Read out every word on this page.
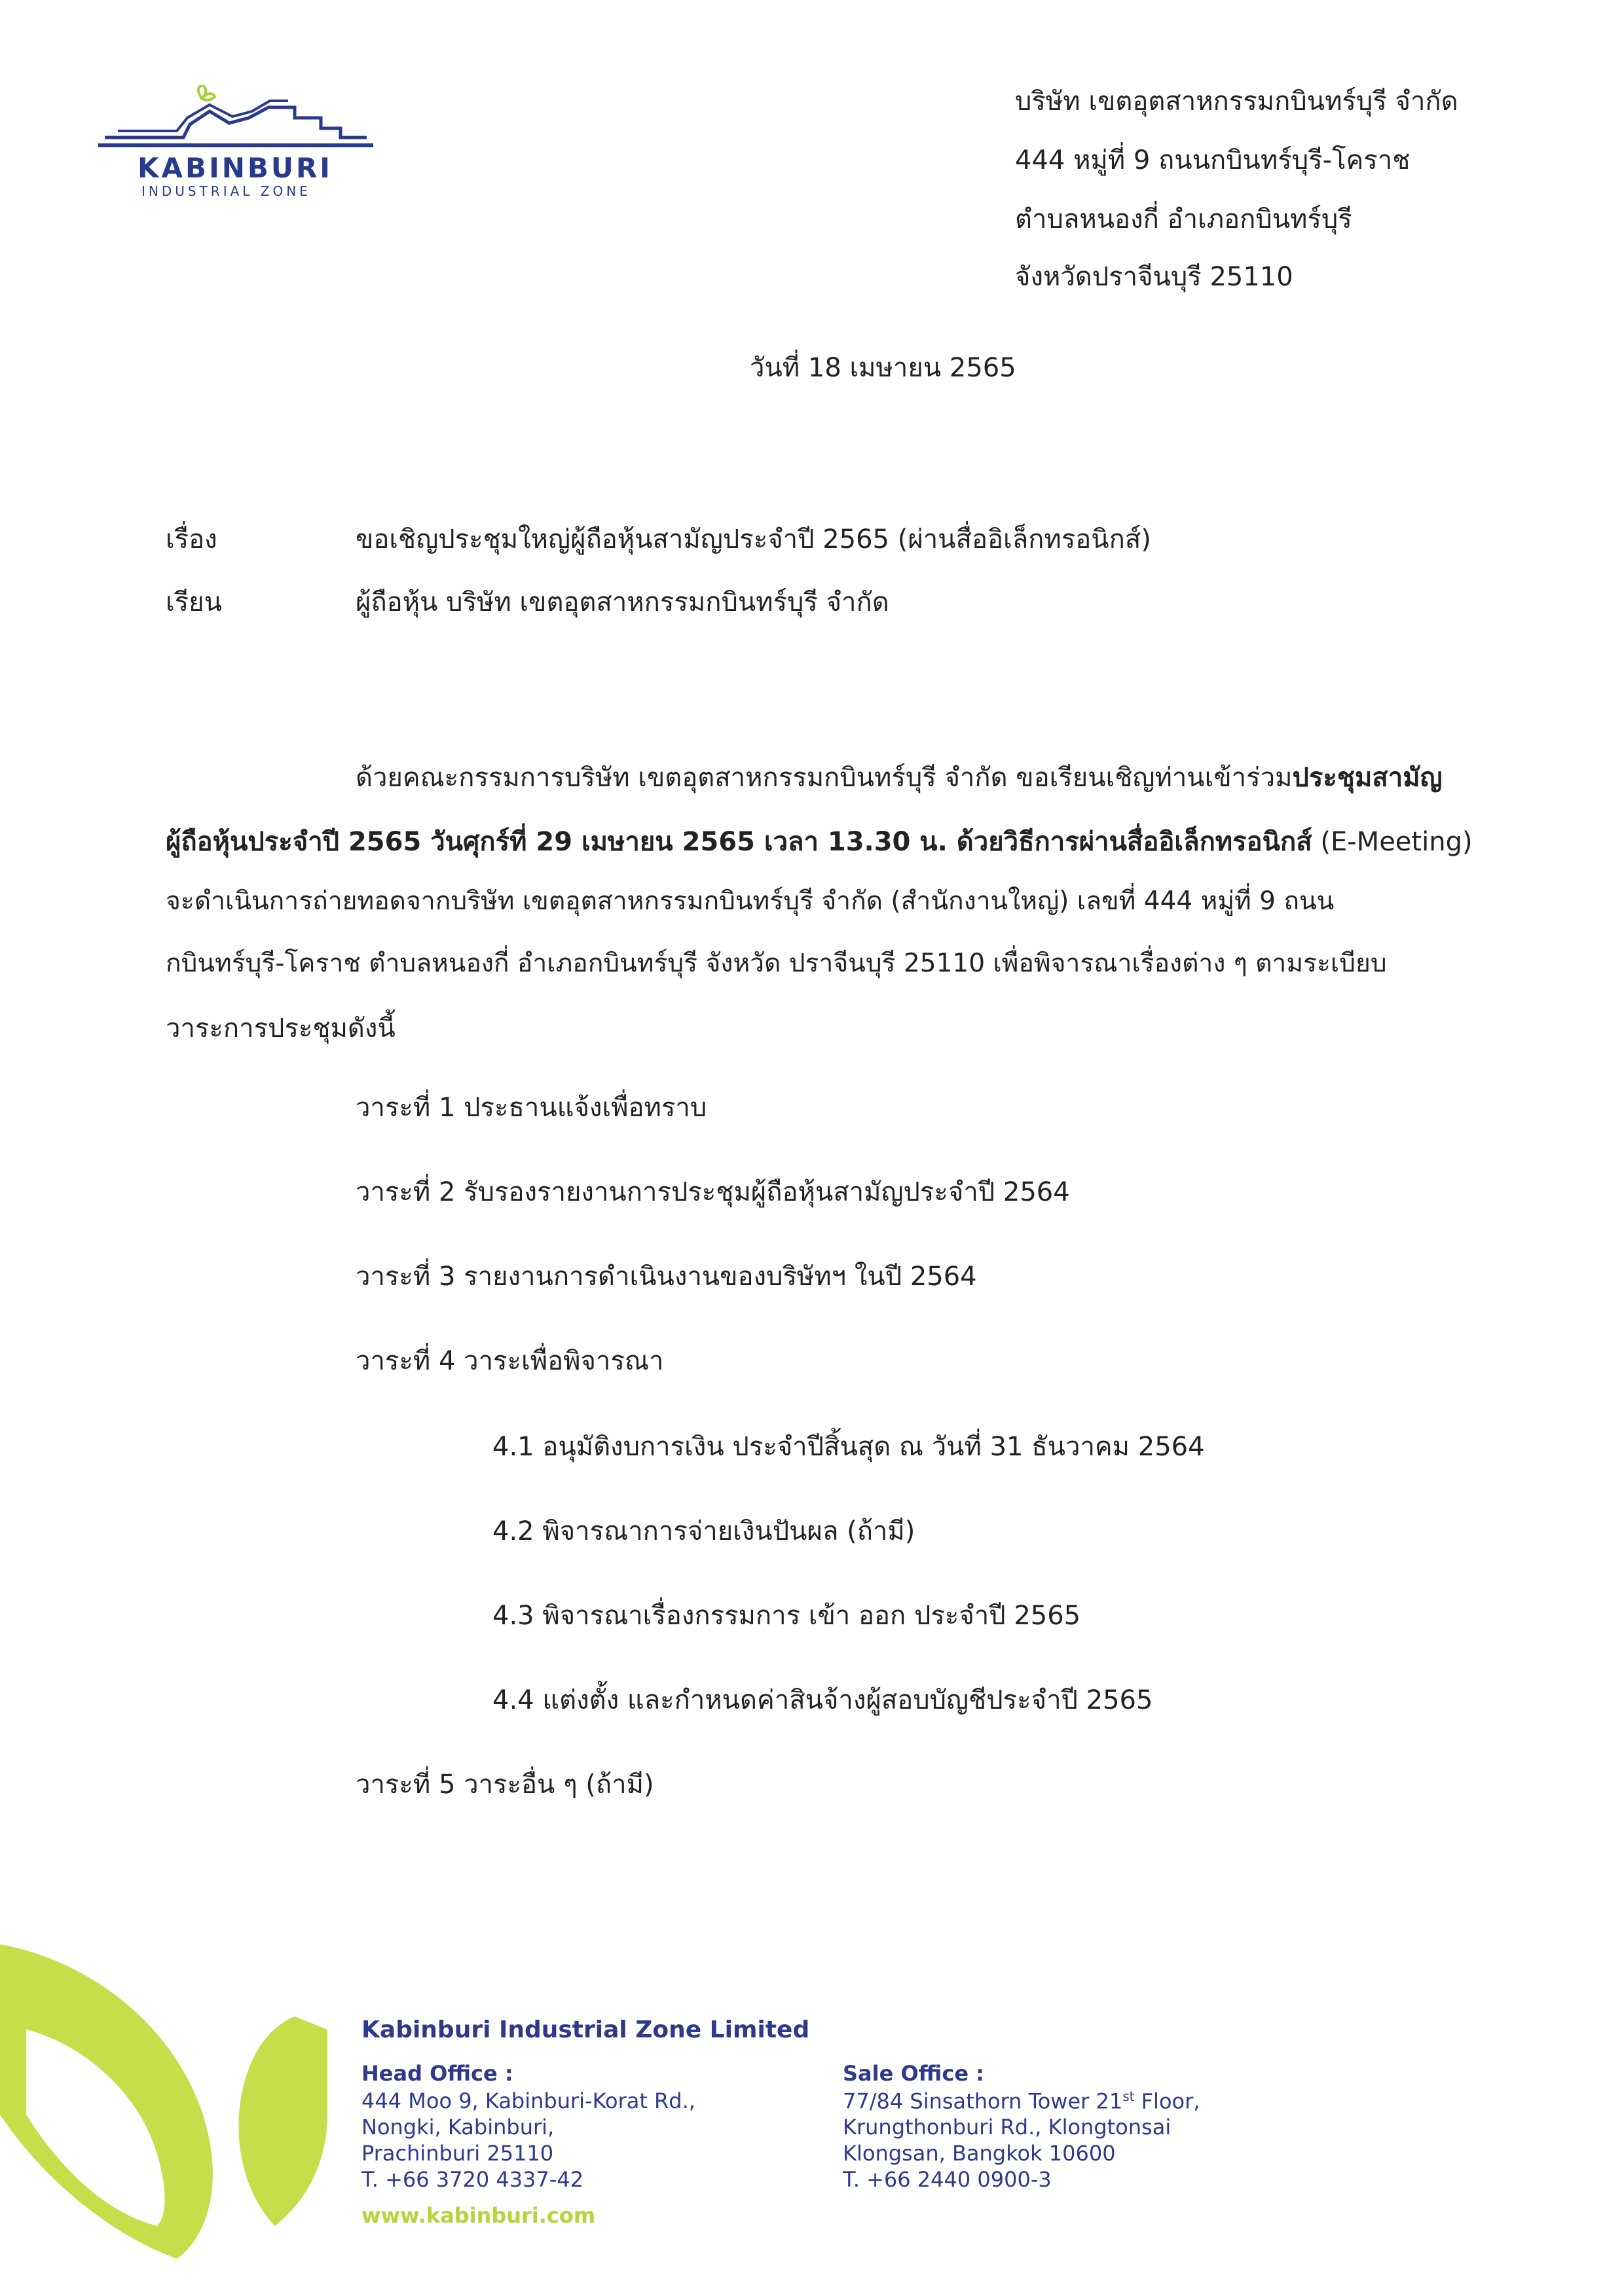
KABINBURI
INDUSTRIAL ZONE
บริษัท เขตอุตสาหกรรมกบินทร์บุรี จำกัด
444 หมู่ที่ 9 ถนนกบินทร์บุรี-โคราช
ตำบลหนองกี่ อำเภอกบินทร์บุรี
จังหวัดปราจีนบุรี 25110
วันที่ 18 เมษายน 2565
เรื่อง	ขอเชิญประชุมใหญ่ผู้ถือหุ้นสามัญประจำปี 2565 (ผ่านสื่ออิเล็กทรอนิกส์)
เรียน	ผู้ถือหุ้น บริษัท เขตอุตสาหกรรมกบินทร์บุรี จำกัด
ด้วยคณะกรรมการบริษัท เขตอุตสาหกรรมกบินทร์บุรี จำกัด ขอเรียนเชิญท่านเข้าร่วมประชุมสามัญ
ผู้ถือหุ้นประจำปี 2565 วันศุกร์ที่ 29 เมษายน 2565 เวลา 13.30 น. ด้วยวิธีการผ่านสื่ออิเล็กทรอนิกส์ (E-Meeting)
จะดำเนินการถ่ายทอดจากบริษัท เขตอุตสาหกรรมกบินทร์บุรี จำกัด (สำนักงานใหญ่) เลขที่ 444 หมู่ที่ 9 ถนน
กบินทร์บุรี-โคราช ตำบลหนองกี่ อำเภอกบินทร์บุรี จังหวัด ปราจีนบุรี 25110 เพื่อพิจารณาเรื่องต่าง ๆ ตามระเบียบ
วาระการประชุมดังนี้
วาระที่ 1 ประธานแจ้งเพื่อทราบ
วาระที่ 2 รับรองรายงานการประชุมผู้ถือหุ้นสามัญประจำปี 2564
วาระที่ 3 รายงานการดำเนินงานของบริษัทฯ ในปี 2564
วาระที่ 4 วาระเพื่อพิจารณา
4.1 อนุมัติงบการเงิน ประจำปีสิ้นสุด ณ วันที่ 31 ธันวาคม 2564
4.2 พิจารณาการจ่ายเงินปันผล (ถ้ามี)
4.3 พิจารณาเรื่องกรรมการ เข้า ออก ประจำปี 2565
4.4 แต่งตั้ง และกำหนดค่าสินจ้างผู้สอบบัญชีประจำปี 2565
วาระที่ 5 วาระอื่น ๆ (ถ้ามี)
Kabinburi Industrial Zone Limited
Head Office :
444 Moo 9, Kabinburi-Korat Rd.,
Nongki, Kabinburi,
Prachinburi 25110
T. +66 3720 4337-42
Sale Office :
77/84 Sinsathorn Tower 21st Floor,
Krungthonburi Rd., Klongtonsai
Klongsan, Bangkok 10600
T. +66 2440 0900-3
www.kabinburi.com
